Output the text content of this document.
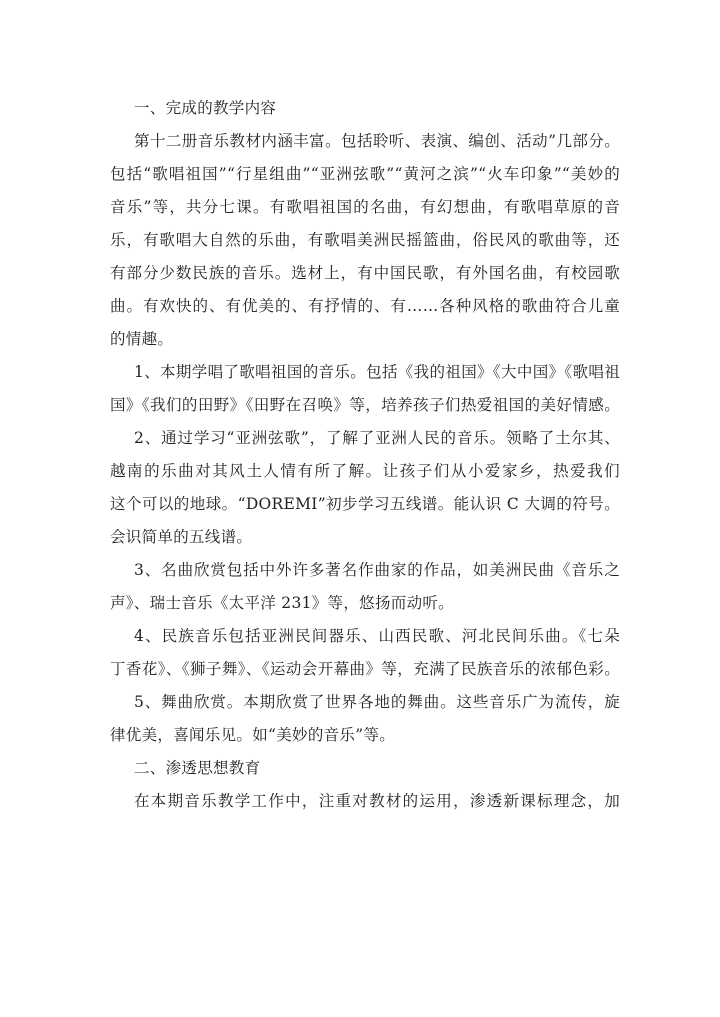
一、完成的教学内容
第十二册音乐教材内涵丰富。包括聆听、表演、编创、活动”几部分。
包括“歌唱祖国”“行星组曲”“亚洲弦歌”“黄河之滨”“火车印象”“美妙的
音乐”等，共分七课。有歌唱祖国的名曲，有幻想曲，有歌唱草原的音
乐，有歌唱大自然的乐曲，有歌唱美洲民摇篮曲，俗民风的歌曲等，还
有部分少数民族的音乐。选材上，有中国民歌，有外国名曲，有校园歌
曲。有欢快的、有优美的、有抒情的、有……各种风格的歌曲符合儿童
的情趣。
1、本期学唱了歌唱祖国的音乐。包括《我的祖国》《大中国》《歌唱祖
国》《我们的田野》《田野在召唤》等，培养孩子们热爱祖国的美好情感。
2、通过学习“亚洲弦歌”，了解了亚洲人民的音乐。领略了土尔其、
越南的乐曲对其风土人情有所了解。让孩子们从小爱家乡，热爱我们
这个可以的地球。“DOREMI”初步学习五线谱。能认识 C 大调的符号。
会识简单的五线谱。
3、名曲欣赏包括中外许多著名作曲家的作品，如美洲民曲《音乐之
声》、瑞士音乐《太平洋 231》等，悠扬而动听。
4、民族音乐包括亚洲民间器乐、山西民歌、河北民间乐曲。《七朵
丁香花》、《狮子舞》、《运动会开幕曲》等，充满了民族音乐的浓郁色彩。
5、舞曲欣赏。本期欣赏了世界各地的舞曲。这些音乐广为流传，旋
律优美，喜闻乐见。如“美妙的音乐”等。
二、渗透思想教育
在本期音乐教学工作中，注重对教材的运用，渗透新课标理念，加
